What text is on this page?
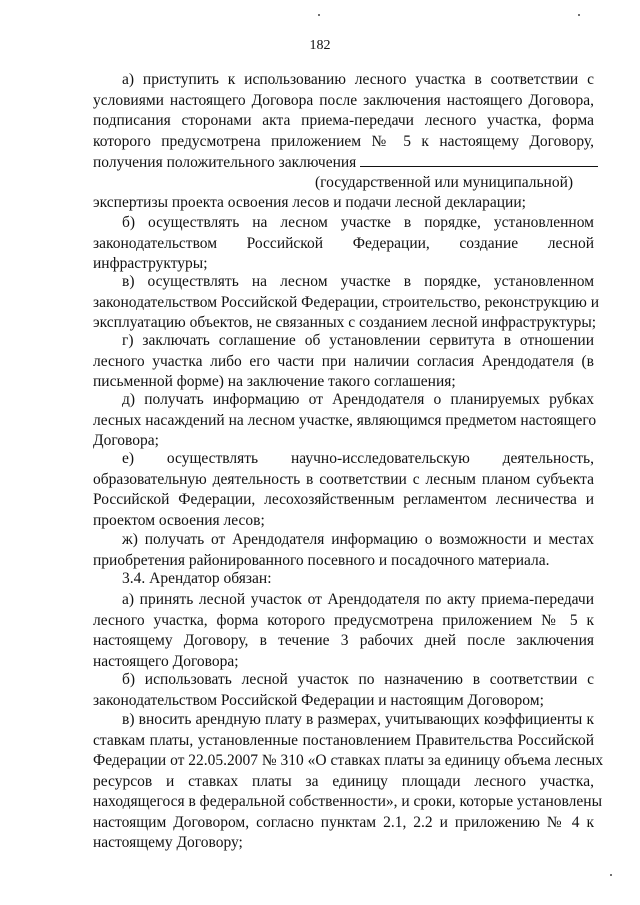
182
а) приступить к использованию лесного участка в соответствии с
условиями настоящего Договора после заключения настоящего Договора,
подписания сторонами акта приема-передачи лесного участка, форма
которого предусмотрена приложением № 5 к настоящему Договору,
получения положительного заключения
(государственной или муниципальной)
экспертизы проекта освоения лесов и подачи лесной декларации;
б) осуществлять на лесном участке в порядке, установленном
законодательством Российской Федерации, создание лесной
инфраструктуры;
в) осуществлять на лесном участке в порядке, установленном
законодательством Российской Федерации, строительство, реконструкцию и
эксплуатацию объектов, не связанных с созданием лесной инфраструктуры;
г) заключать соглашение об установлении сервитута в отношении
лесного участка либо его части при наличии согласия Арендодателя (в
письменной форме) на заключение такого соглашения;
д) получать информацию от Арендодателя о планируемых рубках
лесных насаждений на лесном участке, являющимся предметом настоящего
Договора;
е) осуществлять научно-исследовательскую деятельность,
образовательную деятельность в соответствии с лесным планом субъекта
Российской Федерации, лесохозяйственным регламентом лесничества и
проектом освоения лесов;
ж) получать от Арендодателя информацию о возможности и местах
приобретения районированного посевного и посадочного материала.
3.4. Арендатор обязан:
а) принять лесной участок от Арендодателя по акту приема-передачи
лесного участка, форма которого предусмотрена приложением № 5 к
настоящему Договору, в течение 3 рабочих дней после заключения
настоящего Договора;
б) использовать лесной участок по назначению в соответствии с
законодательством Российской Федерации и настоящим Договором;
в) вносить арендную плату в размерах, учитывающих коэффициенты к
ставкам платы, установленные постановлением Правительства Российской
Федерации от 22.05.2007 № 310 «О ставках платы за единицу объема лесных
ресурсов и ставках платы за единицу площади лесного участка,
находящегося в федеральной собственности», и сроки, которые установлены
настоящим Договором, согласно пунктам 2.1, 2.2 и приложению № 4 к
настоящему Договору;
